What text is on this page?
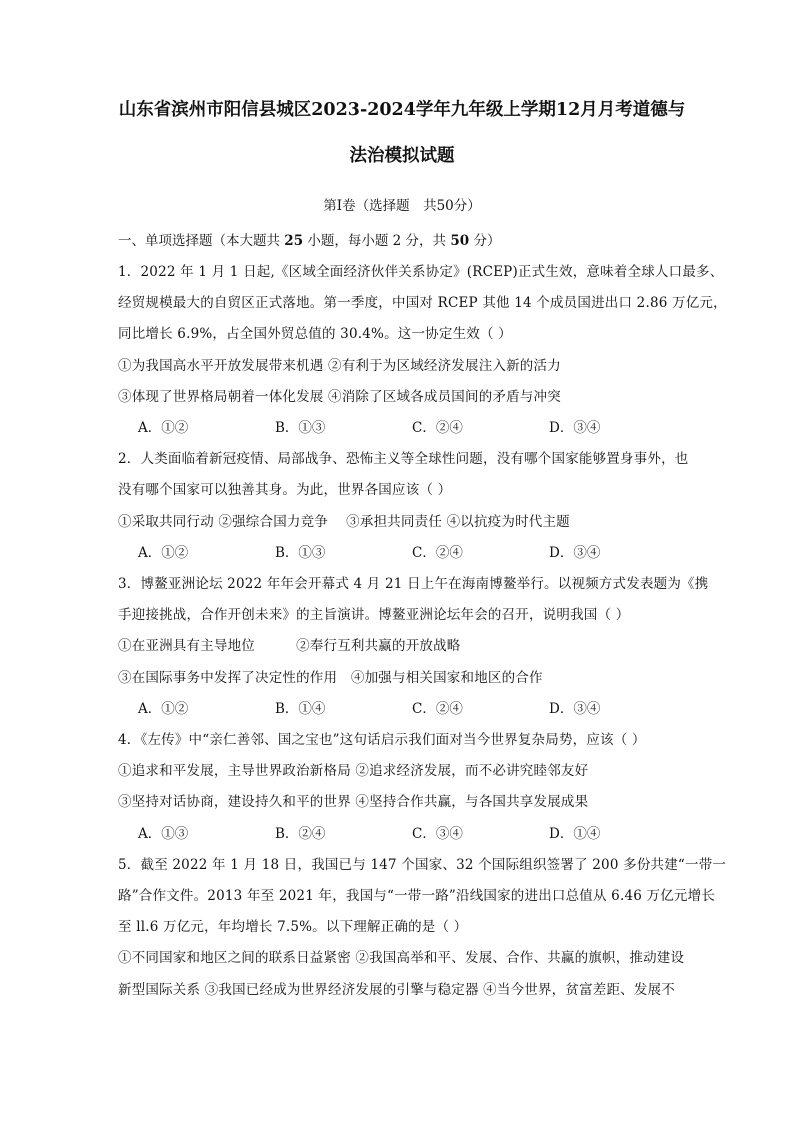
山东省滨州市阳信县城区2023-2024学年九年级上学期12月月考道德与
法治模拟试题
第Ⅰ卷（选择题　共50分）
一、单项选择题（本大题共 25 小题，每小题 2 分，共 50 分）
1．2022 年 1 月 1 日起,《区域全面经济伙伴关系协定》(RCEP)正式生效，意味着全球人口最多、
经贸规模最大的自贸区正式落地。第一季度，中国对 RCEP 其他 14 个成员国进出口 2.86 万亿元，
同比增长 6.9%，占全国外贸总值的 30.4%。这一协定生效（ ）
①为我国高水平开放发展带来机遇 ②有利于为区域经济发展注入新的活力
③体现了世界格局朝着一体化发展 ④消除了区域各成员国间的矛盾与冲突
A．①②	B．①③	C．②④	D．③④
2．人类面临着新冠疫情、局部战争、恐怖主义等全球性问题，没有哪个国家能够置身事外，也
没有哪个国家可以独善其身。为此，世界各国应该（ ）
①采取共同行动 ②强综合国力竞争　 ③承担共同责任 ④以抗疫为时代主题
A．①②	B．①③	C．②④	D．③④
3．博鳌亚洲论坛 2022 年年会开幕式 4 月 21 日上午在海南博鳌举行。以视频方式发表题为《携
手迎接挑战，合作开创未来》的主旨演讲。博鳌亚洲论坛年会的召开，说明我国（ ）
①在亚洲具有主导地位　　　②奉行互利共赢的开放战略
③在国际事务中发挥了决定性的作用　④加强与相关国家和地区的合作
A．①②	B．①④	C．②④	D．③④
4．《左传》中“亲仁善邻、国之宝也”这句话启示我们面对当今世界复杂局势，应该（ ）
①追求和平发展，主导世界政治新格局 ②追求经济发展，而不必讲究睦邻友好
③坚持对话协商，建设持久和平的世界 ④坚持合作共赢，与各国共享发展成果
A．①③	B．②④	C．③④	D．①④
5．截至 2022 年 1 月 18 日，我国已与 147 个国家、32 个国际组织签署了 200 多份共建“一带一
路”合作文件。2013 年至 2021 年，我国与“一带一路”沿线国家的进出口总值从 6.46 万亿元增长
至 ll.6 万亿元，年均增长 7.5%。以下理解正确的是（ ）
①不同国家和地区之间的联系日益紧密 ②我国高举和平、发展、合作、共赢的旗帜，推动建设
新型国际关系 ③我国已经成为世界经济发展的引擎与稳定器 ④当今世界，贫富差距、发展不
